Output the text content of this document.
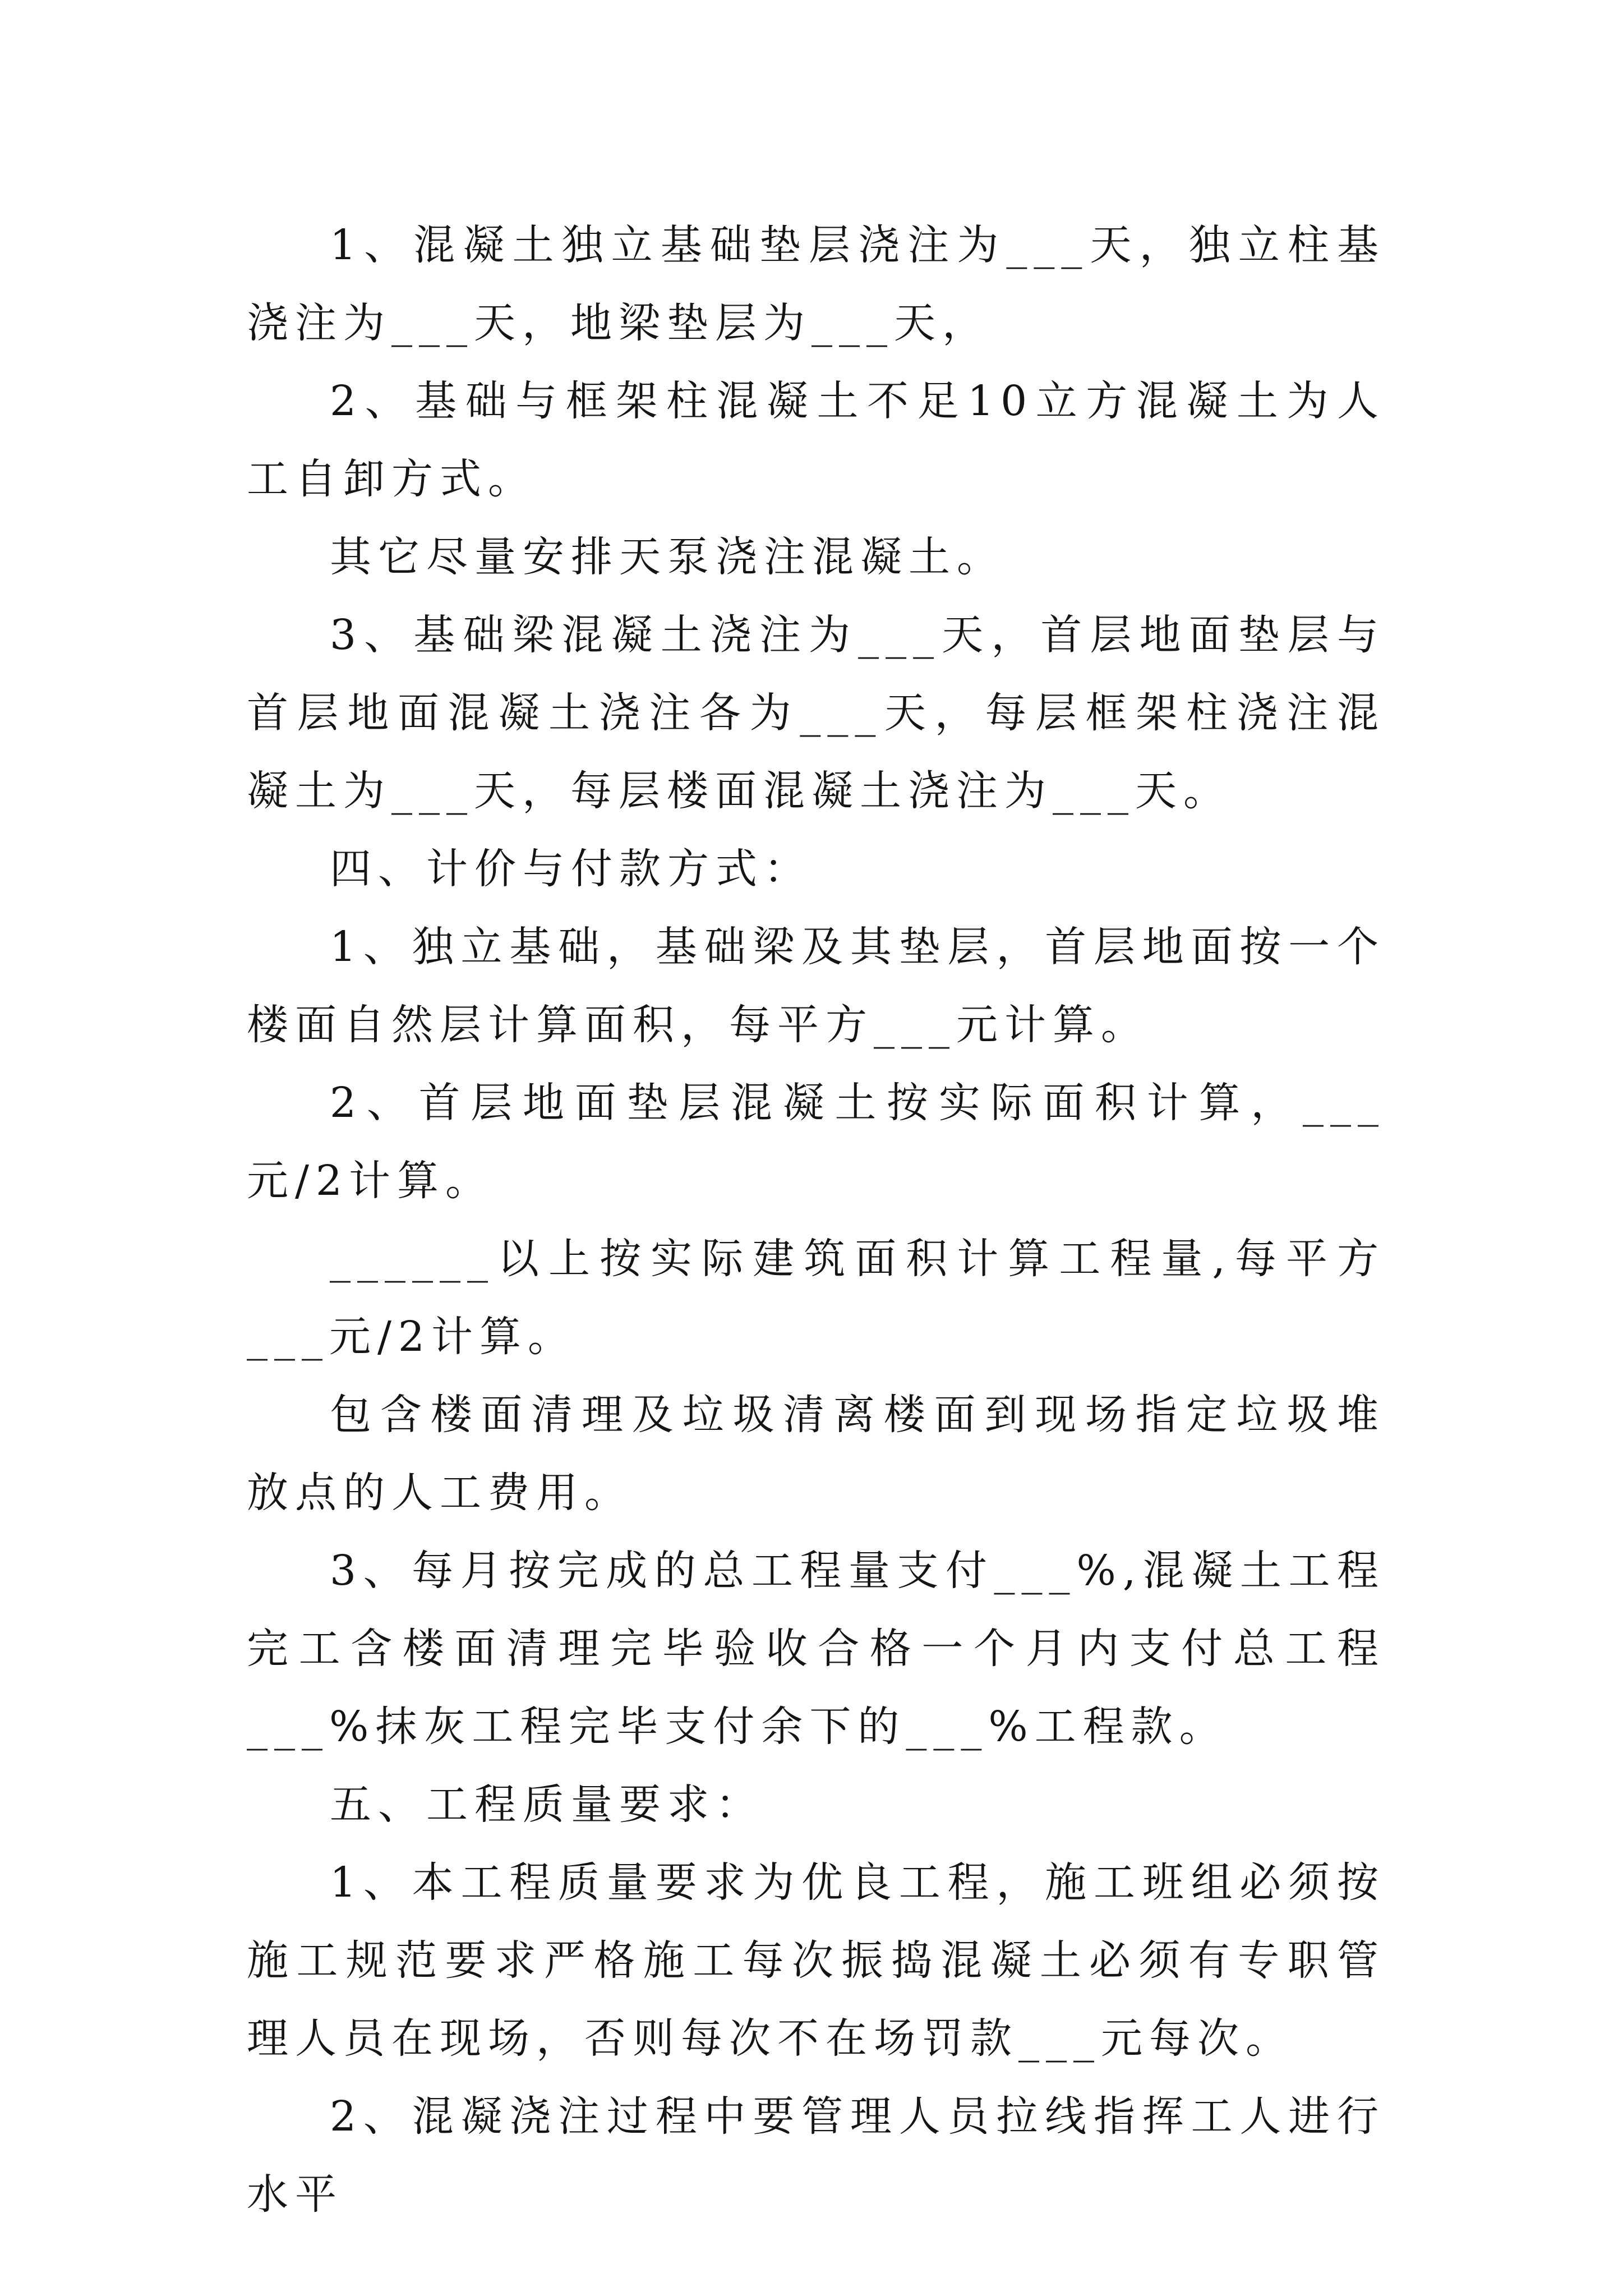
1、混凝土独立基础垫层浇注为___天，独立柱基浇注为___天，地梁垫层为___天，

2、基础与框架柱混凝土不足10立方混凝土为人工自卸方式。

其它尽量安排天泵浇注混凝土。

3、基础梁混凝土浇注为___天，首层地面垫层与首层地面混凝土浇注各为___天，每层框架柱浇注混凝土为___天，每层楼面混凝土浇注为___天。

四、计价与付款方式：

1、独立基础，基础梁及其垫层，首层地面按一个楼面自然层计算面积，每平方___元计算。

2、首层地面垫层混凝土按实际面积计算，___元/2计算。

______以上按实际建筑面积计算工程量,每平方___元/2计算。

包含楼面清理及垃圾清离楼面到现场指定垃圾堆放点的人工费用。

3、每月按完成的总工程量支付___%,混凝土工程完工含楼面清理完毕验收合格一个月内支付总工程___%抹灰工程完毕支付余下的___%工程款。

五、工程质量要求：

1、本工程质量要求为优良工程，施工班组必须按施工规范要求严格施工每次振捣混凝土必须有专职管理人员在现场，否则每次不在场罚款___元每次。

2、混凝浇注过程中要管理人员拉线指挥工人进行水平
